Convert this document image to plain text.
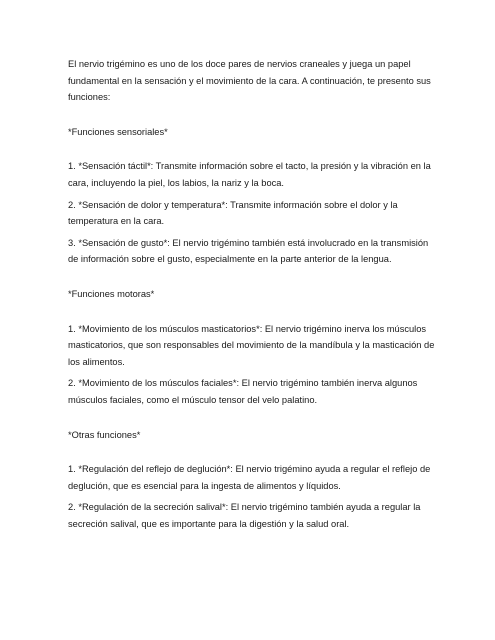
El nervio trigémino es uno de los doce pares de nervios craneales y juega un papel

fundamental en la sensación y el movimiento de la cara. A continuación, te presento sus

funciones:

*Funciones sensoriales*

1. *Sensación táctil*: Transmite información sobre el tacto, la presión y la vibración en la

cara, incluyendo la piel, los labios, la nariz y la boca.

2. *Sensación de dolor y temperatura*: Transmite información sobre el dolor y la

temperatura en la cara.

3. *Sensación de gusto*: El nervio trigémino también está involucrado en la transmisión

de información sobre el gusto, especialmente en la parte anterior de la lengua.

*Funciones motoras*

1. *Movimiento de los músculos masticatorios*: El nervio trigémino inerva los músculos

masticatorios, que son responsables del movimiento de la mandíbula y la masticación de

los alimentos.

2. *Movimiento de los músculos faciales*: El nervio trigémino también inerva algunos

músculos faciales, como el músculo tensor del velo palatino.

*Otras funciones*

1. *Regulación del reflejo de deglución*: El nervio trigémino ayuda a regular el reflejo de

deglución, que es esencial para la ingesta de alimentos y líquidos.

2. *Regulación de la secreción salival*: El nervio trigémino también ayuda a regular la

secreción salival, que es importante para la digestión y la salud oral.
